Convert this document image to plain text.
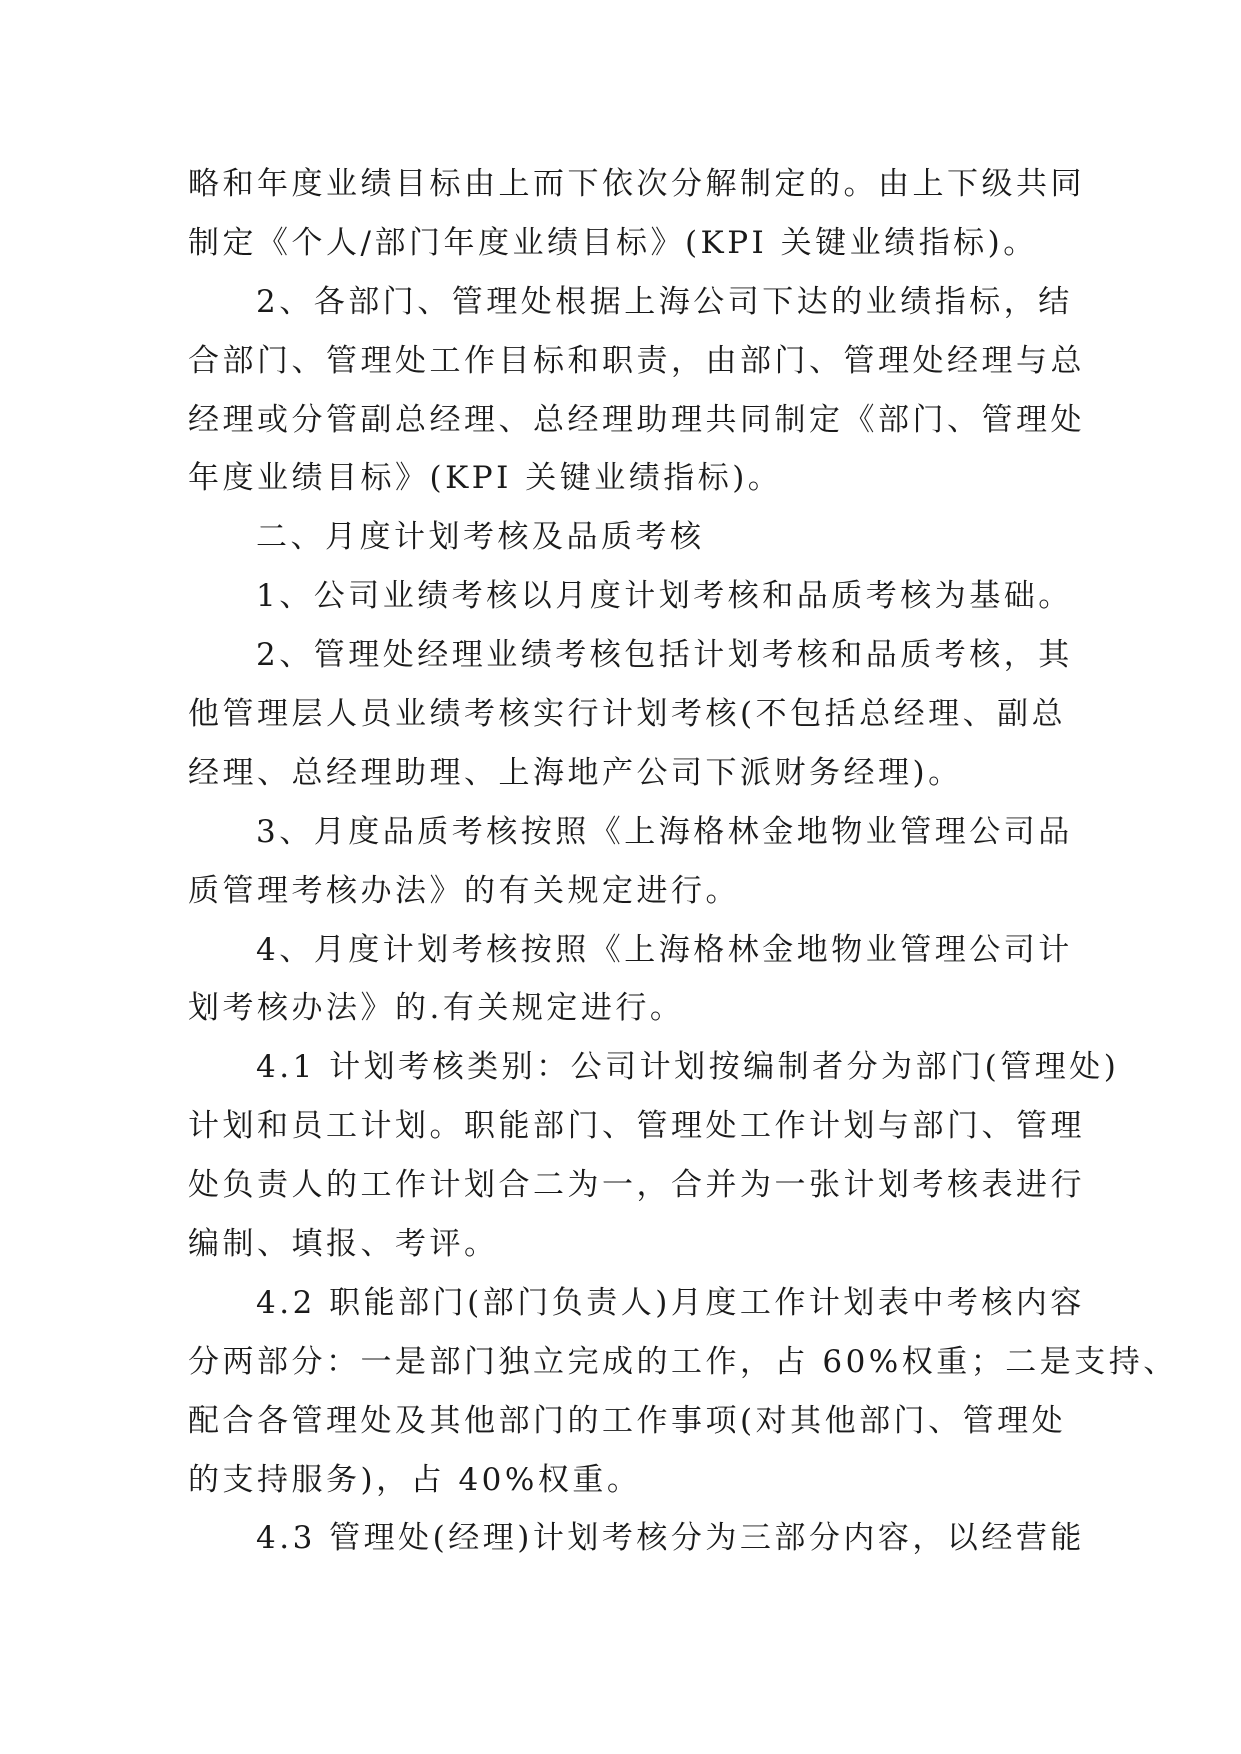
略和年度业绩目标由上而下依次分解制定的。由上下级共同
制定《个人/部门年度业绩目标》(KPI 关键业绩指标)。
2、各部门、管理处根据上海公司下达的业绩指标，结
合部门、管理处工作目标和职责，由部门、管理处经理与总
经理或分管副总经理、总经理助理共同制定《部门、管理处
年度业绩目标》(KPI 关键业绩指标)。
二、月度计划考核及品质考核
1、公司业绩考核以月度计划考核和品质考核为基础。
2、管理处经理业绩考核包括计划考核和品质考核，其
他管理层人员业绩考核实行计划考核(不包括总经理、副总
经理、总经理助理、上海地产公司下派财务经理)。
3、月度品质考核按照《上海格林金地物业管理公司品
质管理考核办法》的有关规定进行。
4、月度计划考核按照《上海格林金地物业管理公司计
划考核办法》的.有关规定进行。
4.1 计划考核类别：公司计划按编制者分为部门(管理处)
计划和员工计划。职能部门、管理处工作计划与部门、管理
处负责人的工作计划合二为一，合并为一张计划考核表进行
编制、填报、考评。
4.2 职能部门(部门负责人)月度工作计划表中考核内容
分两部分：一是部门独立完成的工作，占 60%权重；二是支持、
配合各管理处及其他部门的工作事项(对其他部门、管理处
的支持服务)，占 40%权重。
4.3 管理处(经理)计划考核分为三部分内容，以经营能
